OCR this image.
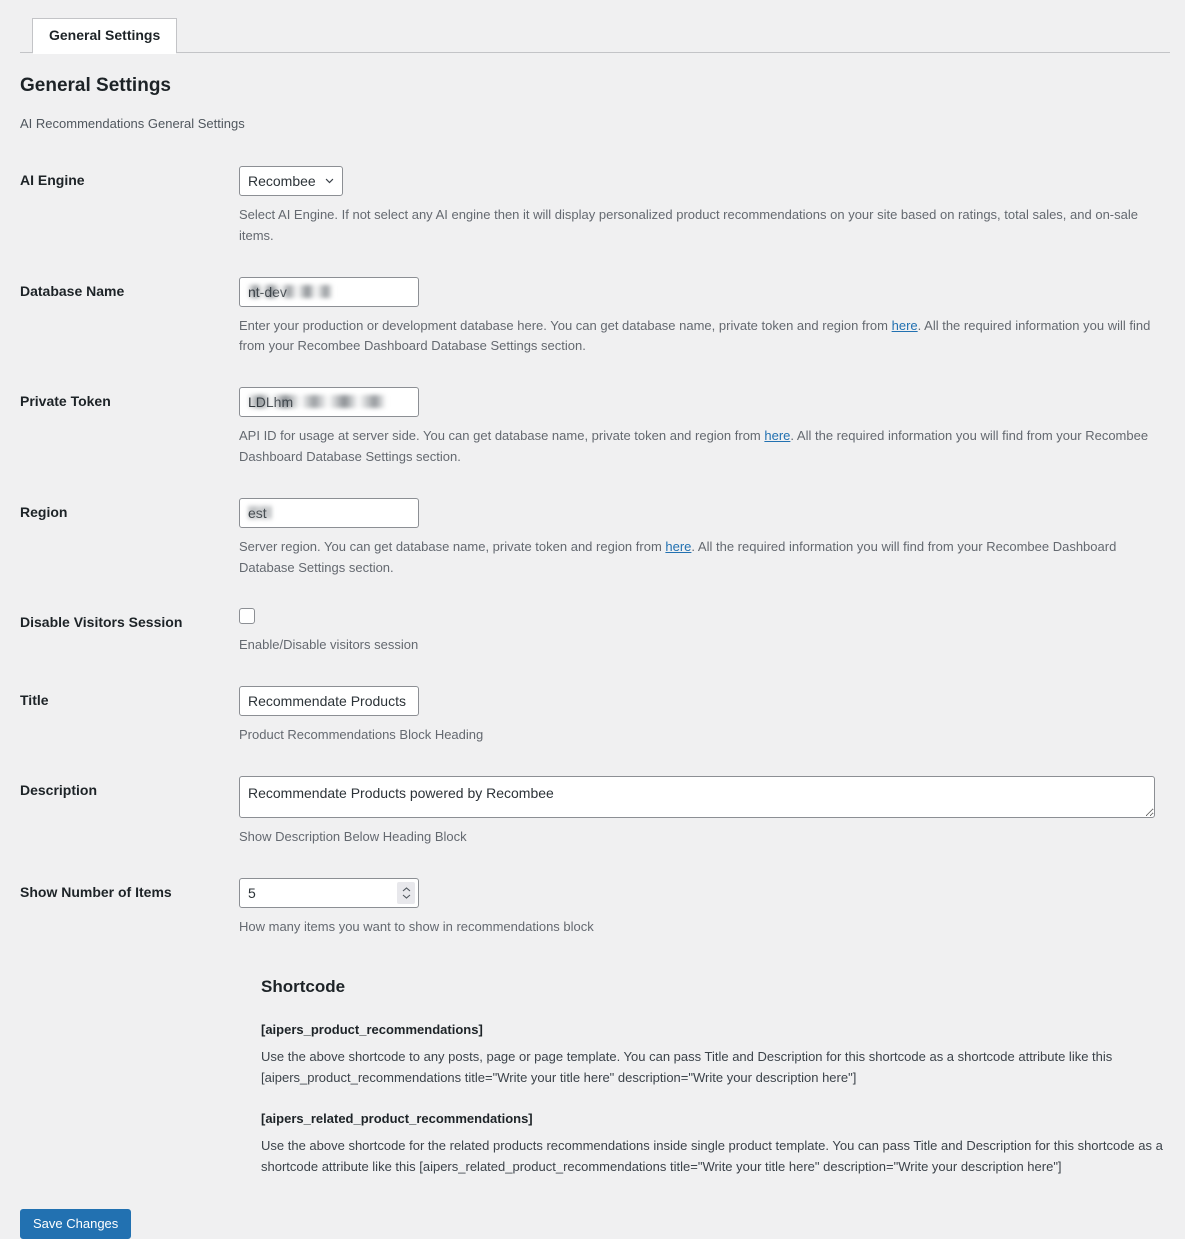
General Settings
General Settings

AI Recommendations General Settings

AI Engine	
Recombee

Select AI Engine. If not select any AI engine then it will display personalized product recommendations on your site based on ratings, total sales, and on-sale items.

Database Name	nt-dev

Enter your production or development database here. You can get database name, private token and region from here. All the required information you will find from your Recombee Dashboard Database Settings section.

Private Token	LDLhm

API ID for usage at server side. You can get database name, private token and region from here. All the required information you will find from your Recombee Dashboard Database Settings section.

Region	est

Server region. You can get database name, private token and region from here. All the required information you will find from your Recombee Dashboard Database Settings section.

Disable Visitors Session	Enable/Disable visitors session

Title	Recommendate Products

Product Recommendations Block Heading

Description	
Recommendate Products powered by Recombee

Show Description Below Heading Block

Show Number of Items	5

How many items you want to show in recommendations block

Shortcode

[aipers_product_recommendations]

Use the above shortcode to any posts, page or page template. You can pass Title and Description for this shortcode as a shortcode attribute like this [aipers_product_recommendations title="Write your title here" description="Write your description here"]

[aipers_related_product_recommendations]

Use the above shortcode for the related products recommendations inside single product template. You can pass Title and Description for this shortcode as a shortcode attribute like this [aipers_related_product_recommendations title="Write your title here" description="Write your description here"]

Save Changes
